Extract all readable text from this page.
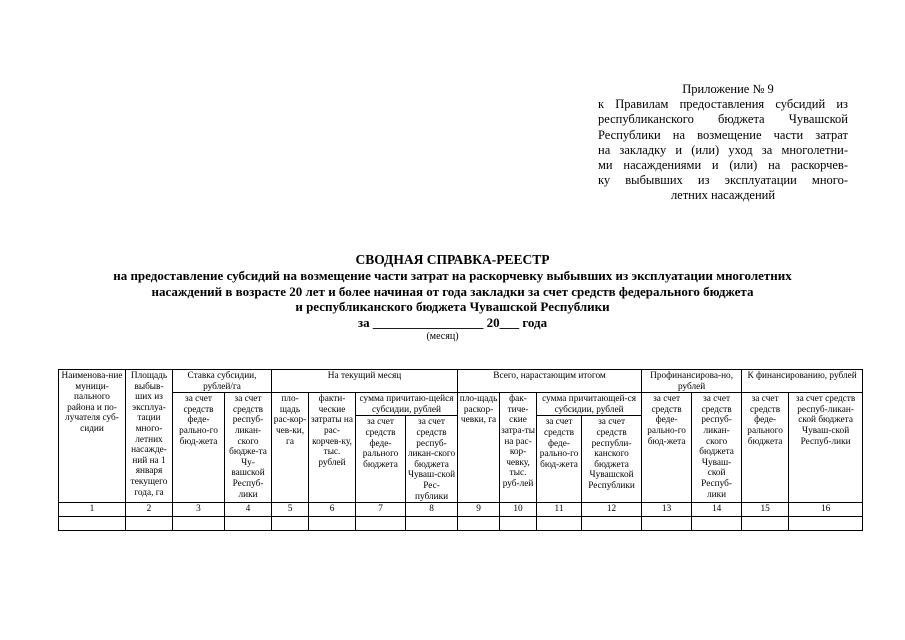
Приложение № 9
к Правилам предоставления субсидий из
республиканского бюджета Чувашской
Республики на возмещение части затрат
на закладку и (или) уход за многолетни-
ми насаждениями и (или) на раскорчев-
ку выбывших из эксплуатации много-
летних насаждений
СВОДНАЯ СПРАВКА-РЕЕСТР
на предоставление субсидий на возмещение части затрат на раскорчевку выбывших из эксплуатации многолетних
насаждений в возрасте 20 лет и более начиная от года закладки за счет средств федерального бюджета
и республиканского бюджета Чувашской Республики
за _________________ 20___ года
(месяц)
Наименова-ние муници-пального района и по-лучателя суб-сидии	Площадь выбыв-ших из эксплуа-тации много-летних насажде-ний на 1 января текущего года, га	Ставка субсидии, рублей/га		На текущий месяц				Всего, нарастающим итогом				Профинансирова-но, рублей		К финансированию, рублей	
		за счет средств феде-рально-го бюд-жета	за счет средств респуб-ликан-ского бюдже-та Чу-вашской Респуб-лики	пло-щадь рас-кор-чев-ки, га	факти-ческие затраты на рас-корчев-ку, тыс. рублей	сумма причитаю-щейся субсидии, рублей		пло-щадь раскор-чевки, га	фак-тиче-ские затра-ты на рас-кор-чевку, тыс. руб-лей	сумма причитающей-ся субсидии, рублей		за счет средств феде-рально-го бюд-жета	за счет средств респуб-ликан-ского бюджета Чуваш-ской Респуб-лики	за счет средств феде-рального бюджета	за счет средств респуб-ликан-ской бюджета Чуваш-ской Респуб-лики
						за счет средств феде-рального бюджета	за счет средств респуб-ликан-ского бюджета Чуваш-ской Рес-публики			за счет средств феде-рально-го бюд-жета	за счет средств республи-канского бюджета Чувашской Республики				
1	2	3	4	5	6	7	8	9	10	11	12	13	14	15	16
